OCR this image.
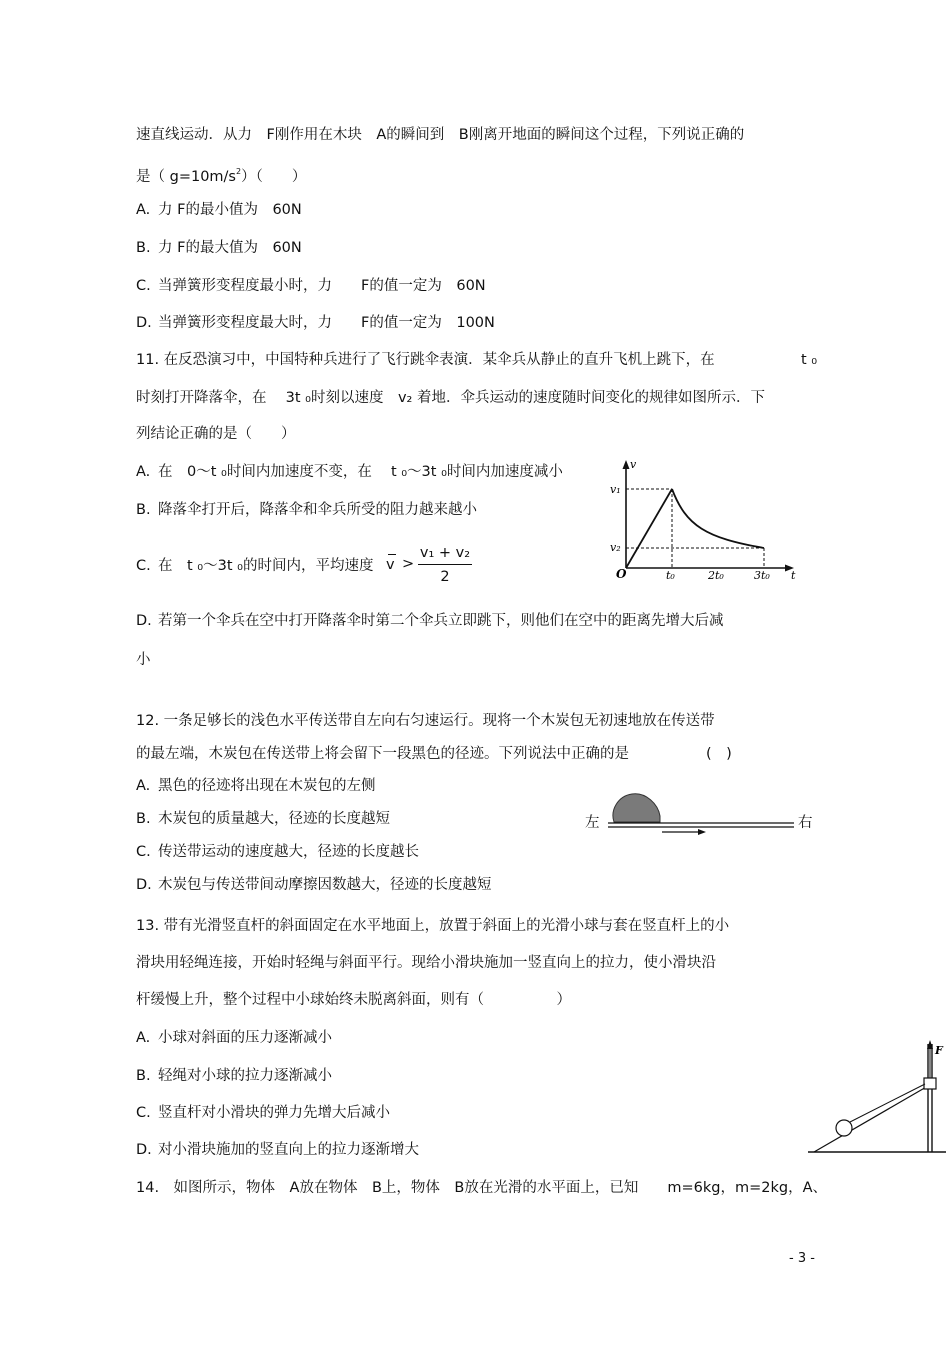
速直线运动．从力　F刚作用在木块　A的瞬间到　B刚离开地面的瞬间这个过程，下列说正确的
是（ $g=10m/s^2$）（　　）
A. 力 F的最小值为　60N
B. 力 F的最大值为　60N
C. 当弹簧形变程度最小时，力　　F的值一定为　60N
D. 当弹簧形变程度最大时，力　　F的值一定为　100N
11. 在反恐演习中，中国特种兵进行了飞行跳伞表演．某伞兵从静止的直升飞机上跳下，在	t ₀
时刻打开降落伞，在　 3t ₀时刻以速度　v₂ 着地．伞兵运动的速度随时间变化的规律如图所示．下
列结论正确的是（　　）
A. 在　0～t ₀时间内加速度不变，在　 t ₀～3t ₀时间内加速度减小
B. 降落伞打开后，降落伞和伞兵所受的阻力越来越小
C. 在　t ₀～3t ₀的时间内，平均速度 $v > \frac{\text{v₁ + v₂}}{2}$
D. 若第一个伞兵在空中打开降落伞时第二个伞兵立即跳下，则他们在空中的距离先增大后减
小
v
v₁
v₂
O	t₀	2t₀	3t₀ t
12. 一条足够长的浅色水平传送带自左向右匀速运行。现将一个木炭包无初速地放在传送带
的最左端，木炭包在传送带上将会留下一段黑色的径迹。下列说法中正确的是	(　)
A. 黑色的径迹将出现在木炭包的左侧
B. 木炭包的质量越大，径迹的长度越短
C. 传送带运动的速度越大，径迹的长度越长
D. 木炭包与传送带间动摩擦因数越大，径迹的长度越短
左	右
13. 带有光滑竖直杆的斜面固定在水平地面上，放置于斜面上的光滑小球与套在竖直杆上的小
滑块用轻绳连接，开始时轻绳与斜面平行。现给小滑块施加一竖直向上的拉力，使小滑块沿
杆缓慢上升，整个过程中小球始终未脱离斜面，则有（　　　　　）
A. 小球对斜面的压力逐渐减小
B. 轻绳对小球的拉力逐渐减小
C. 竖直杆对小滑块的弹力先增大后减小
D. 对小滑块施加的竖直向上的拉力逐渐增大
F
14.　如图所示，物体　A放在物体　B上，物体　B放在光滑的水平面上，已知　　m=6kg，m=2kg，A、
- 3 -
